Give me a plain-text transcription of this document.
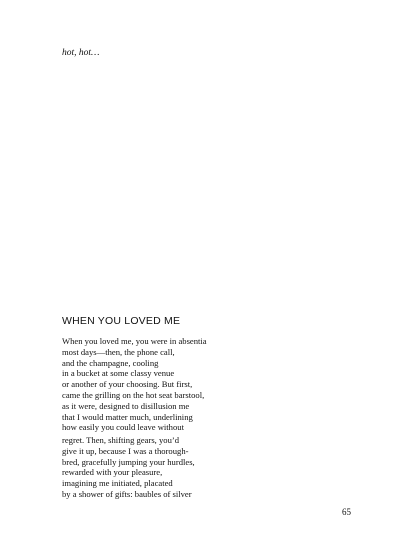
hot, hot…
WHEN YOU LOVED ME
When you loved me, you were in absentia
most days—then, the phone call,
and the champagne, cooling
in a bucket at some classy venue
or another of your choosing. But first,
came the grilling on the hot seat barstool,
as it were, designed to disillusion me
that I would matter much, underlining
how easily you could leave without
regret. Then, shifting gears, you’d
give it up, because I was a thorough-
bred, gracefully jumping your hurdles,
rewarded with your pleasure,
imagining me initiated, placated
by a shower of gifts: baubles of silver
65
